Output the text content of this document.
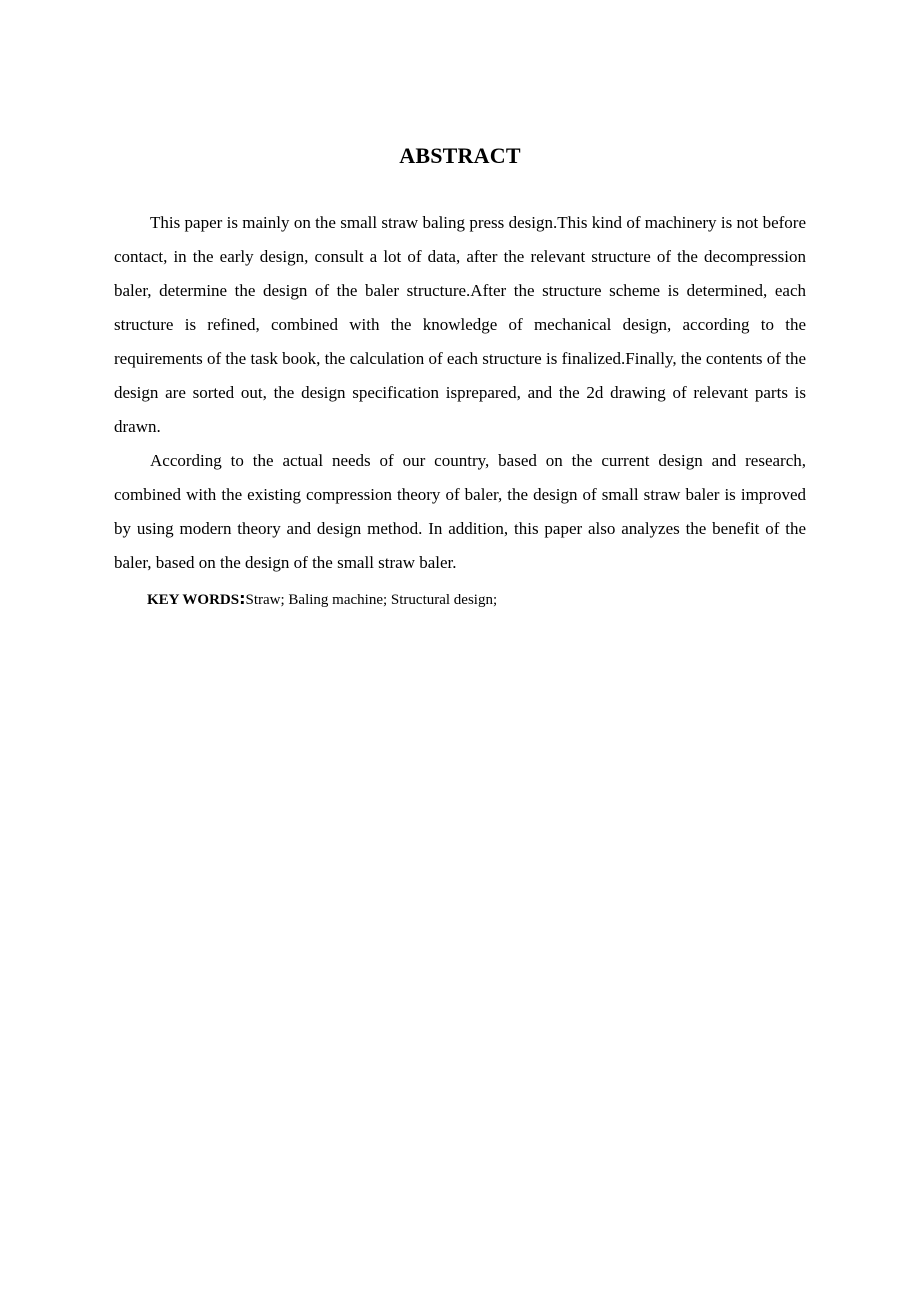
ABSTRACT

This paper is mainly on the small straw baling press design.This kind of machinery is not before contact, in the early design, consult a lot of data, after the relevant structure of the decompression baler, determine the design of the baler structure.After the structure scheme is determined, each structure is refined, combined with the knowledge of mechanical design, according to the requirements of the task book, the calculation of each structure is finalized.Finally, the contents of the design are sorted out, the design specification isprepared, and the 2d drawing of relevant parts is drawn.

According to the actual needs of our country, based on the current design and research, combined with the existing compression theory of baler, the design of small straw baler is improved by using modern theory and design method. In addition, this paper also analyzes the benefit of the baler, based on the design of the small straw baler.

KEY WORDS:Straw; Baling machine; Structural design;
